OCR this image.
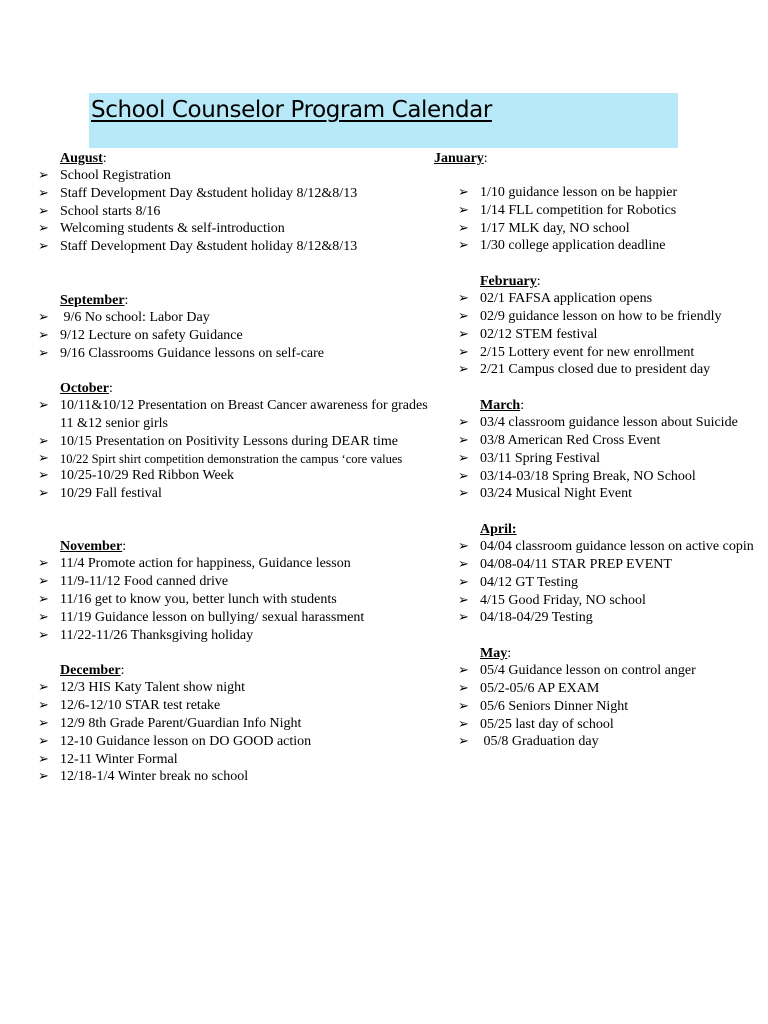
School Counselor Program Calendar
August:
➢ School Registration
➢ Staff Development Day &student holiday 8/12&8/13
➢ School starts 8/16
➢ Welcoming students & self-introduction
➢ Staff Development Day &student holiday 8/12&8/13
September:
➢ 9/6 No school: Labor Day
➢ 9/12 Lecture on safety Guidance
➢ 9/16 Classrooms Guidance lessons on self-care
October:
➢ 10/11&10/12 Presentation on Breast Cancer awareness for grades 11 &12 senior girls
➢ 10/15 Presentation on Positivity Lessons during DEAR time
➢ 10/22 Spirt shirt competition demonstration the campus ‘core values
➢ 10/25-10/29 Red Ribbon Week
➢ 10/29 Fall festival
November:
➢ 11/4 Promote action for happiness, Guidance lesson
➢ 11/9-11/12 Food canned drive
➢ 11/16 get to know you, better lunch with students
➢ 11/19 Guidance lesson on bullying/ sexual harassment
➢ 11/22-11/26 Thanksgiving holiday
December:
➢ 12/3 HIS Katy Talent show night
➢ 12/6-12/10 STAR test retake
➢ 12/9 8th Grade Parent/Guardian Info Night
➢ 12-10 Guidance lesson on DO GOOD action
➢ 12-11 Winter Formal
➢ 12/18-1/4 Winter break no school
January:
➢ 1/10 guidance lesson on be happier
➢ 1/14 FLL competition for Robotics
➢ 1/17 MLK day, NO school
➢ 1/30 college application deadline
February:
➢ 02/1 FAFSA application opens
➢ 02/9 guidance lesson on how to be friendly
➢ 02/12 STEM festival
➢ 2/15 Lottery event for new enrollment
➢ 2/21 Campus closed due to president day
March:
➢ 03/4 classroom guidance lesson about Suicide
➢ 03/8 American Red Cross Event
➢ 03/11 Spring Festival
➢ 03/14-03/18 Spring Break, NO School
➢ 03/24 Musical Night Event
April:
➢ 04/04 classroom guidance lesson on active copin
➢ 04/08-04/11 STAR PREP EVENT
➢ 04/12 GT Testing
➢ 4/15 Good Friday, NO school
➢ 04/18-04/29 Testing
May:
➢ 05/4 Guidance lesson on control anger
➢ 05/2-05/6 AP EXAM
➢ 05/6 Seniors Dinner Night
➢ 05/25 last day of school
➢ 05/8 Graduation day
